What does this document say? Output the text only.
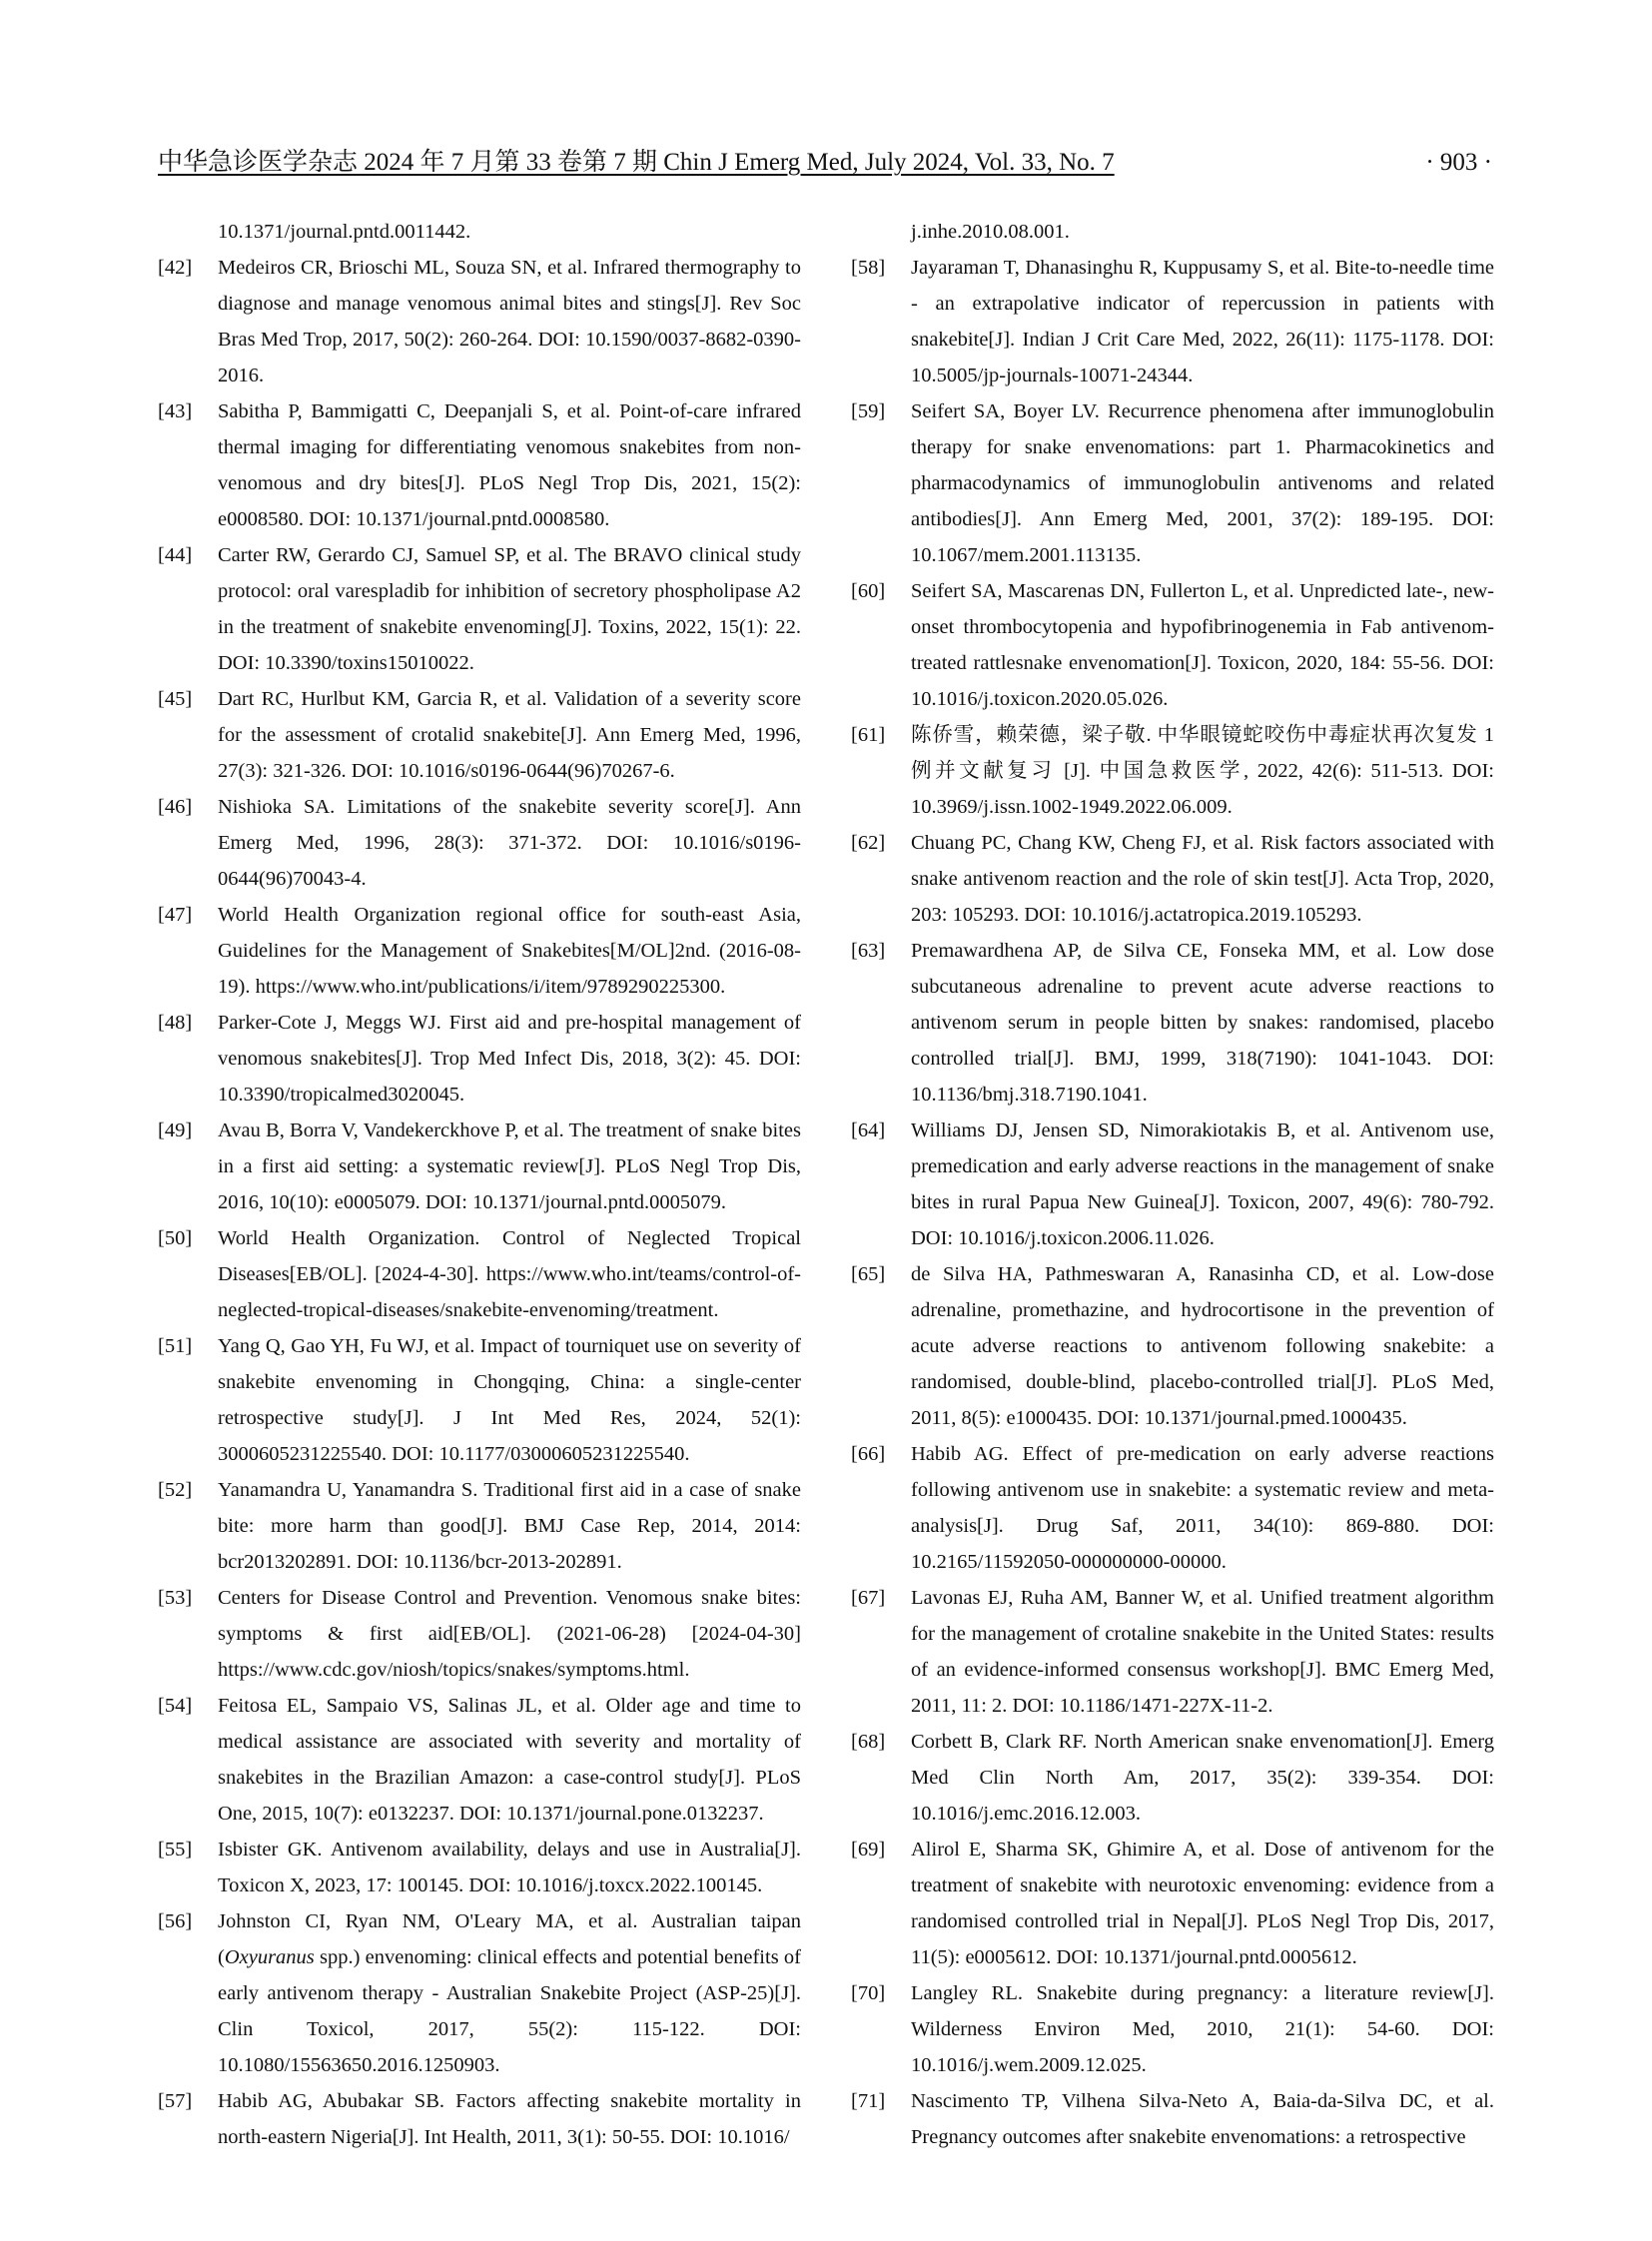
中华急诊医学杂志 2024 年 7 月第 33 卷第 7 期 Chin J Emerg Med, July 2024, Vol. 33, No. 7	· 903 ·
10.1371/journal.pntd.0011442.
[42]	Medeiros CR, Brioschi ML, Souza SN, et al. Infrared thermography to diagnose and manage venomous animal bites and stings[J]. Rev Soc Bras Med Trop, 2017, 50(2): 260-264. DOI: 10.1590/0037-8682-0390-2016.
[43]	Sabitha P, Bammigatti C, Deepanjali S, et al. Point-of-care infrared thermal imaging for differentiating venomous snakebites from non-venomous and dry bites[J]. PLoS Negl Trop Dis, 2021, 15(2): e0008580. DOI: 10.1371/journal.pntd.0008580.
[44]	Carter RW, Gerardo CJ, Samuel SP, et al. The BRAVO clinical study protocol: oral varespladib for inhibition of secretory phospholipase A2 in the treatment of snakebite envenoming[J]. Toxins, 2022, 15(1): 22. DOI: 10.3390/toxins15010022.
[45]	Dart RC, Hurlbut KM, Garcia R, et al. Validation of a severity score for the assessment of crotalid snakebite[J]. Ann Emerg Med, 1996, 27(3): 321-326. DOI: 10.1016/s0196-0644(96)70267-6.
[46]	Nishioka SA. Limitations of the snakebite severity score[J]. Ann Emerg Med, 1996, 28(3): 371-372. DOI: 10.1016/s0196-0644(96)70043-4.
[47]	World Health Organization regional office for south-east Asia, Guidelines for the Management of Snakebites[M/OL]2nd. (2016-08-19). https://www.who.int/publications/i/item/9789290225300.
[48]	Parker-Cote J, Meggs WJ. First aid and pre-hospital management of venomous snakebites[J]. Trop Med Infect Dis, 2018, 3(2): 45. DOI: 10.3390/tropicalmed3020045.
[49]	Avau B, Borra V, Vandekerckhove P, et al. The treatment of snake bites in a first aid setting: a systematic review[J]. PLoS Negl Trop Dis, 2016, 10(10): e0005079. DOI: 10.1371/journal.pntd.0005079.
[50]	World Health Organization. Control of Neglected Tropical Diseases[EB/OL]. [2024-4-30]. https://www.who.int/teams/control-of-neglected-tropical-diseases/snakebite-envenoming/treatment.
[51]	Yang Q, Gao YH, Fu WJ, et al. Impact of tourniquet use on severity of snakebite envenoming in Chongqing, China: a single-center retrospective study[J]. J Int Med Res, 2024, 52(1): 3000605231225540. DOI: 10.1177/03000605231225540.
[52]	Yanamandra U, Yanamandra S. Traditional first aid in a case of snake bite: more harm than good[J]. BMJ Case Rep, 2014, 2014: bcr2013202891. DOI: 10.1136/bcr-2013-202891.
[53]	Centers for Disease Control and Prevention. Venomous snake bites: symptoms & first aid[EB/OL]. (2021-06-28) [2024-04-30] https://www.cdc.gov/niosh/topics/snakes/symptoms.html.
[54]	Feitosa EL, Sampaio VS, Salinas JL, et al. Older age and time to medical assistance are associated with severity and mortality of snakebites in the Brazilian Amazon: a case-control study[J]. PLoS One, 2015, 10(7): e0132237. DOI: 10.1371/journal.pone.0132237.
[55]	Isbister GK. Antivenom availability, delays and use in Australia[J]. Toxicon X, 2023, 17: 100145. DOI: 10.1016/j.toxcx.2022.100145.
[56]	Johnston CI, Ryan NM, O'Leary MA, et al. Australian taipan (Oxyuranus spp.) envenoming: clinical effects and potential benefits of early antivenom therapy - Australian Snakebite Project (ASP-25)[J]. Clin Toxicol, 2017, 55(2): 115-122. DOI: 10.1080/15563650.2016.1250903.
[57]	Habib AG, Abubakar SB. Factors affecting snakebite mortality in north-eastern Nigeria[J]. Int Health, 2011, 3(1): 50-55. DOI: 10.1016/
j.inhe.2010.08.001.
[58]	Jayaraman T, Dhanasinghu R, Kuppusamy S, et al. Bite-to-needle time - an extrapolative indicator of repercussion in patients with snakebite[J]. Indian J Crit Care Med, 2022, 26(11): 1175-1178. DOI: 10.5005/jp-journals-10071-24344.
[59]	Seifert SA, Boyer LV. Recurrence phenomena after immunoglobulin therapy for snake envenomations: part 1. Pharmacokinetics and pharmacodynamics of immunoglobulin antivenoms and related antibodies[J]. Ann Emerg Med, 2001, 37(2): 189-195. DOI: 10.1067/mem.2001.113135.
[60]	Seifert SA, Mascarenas DN, Fullerton L, et al. Unpredicted late-, new-onset thrombocytopenia and hypofibrinogenemia in Fab antivenom-treated rattlesnake envenomation[J]. Toxicon, 2020, 184: 55-56. DOI: 10.1016/j.toxicon.2020.05.026.
[61]	陈侨雪，赖荣德，梁子敬. 中华眼镜蛇咬伤中毒症状再次复发 1 例并文献复习 [J]. 中国急救医学, 2022, 42(6): 511-513. DOI: 10.3969/j.issn.1002-1949.2022.06.009.
[62]	Chuang PC, Chang KW, Cheng FJ, et al. Risk factors associated with snake antivenom reaction and the role of skin test[J]. Acta Trop, 2020, 203: 105293. DOI: 10.1016/j.actatropica.2019.105293.
[63]	Premawardhena AP, de Silva CE, Fonseka MM, et al. Low dose subcutaneous adrenaline to prevent acute adverse reactions to antivenom serum in people bitten by snakes: randomised, placebo controlled trial[J]. BMJ, 1999, 318(7190): 1041-1043. DOI: 10.1136/bmj.318.7190.1041.
[64]	Williams DJ, Jensen SD, Nimorakiotakis B, et al. Antivenom use, premedication and early adverse reactions in the management of snake bites in rural Papua New Guinea[J]. Toxicon, 2007, 49(6): 780-792. DOI: 10.1016/j.toxicon.2006.11.026.
[65]	de Silva HA, Pathmeswaran A, Ranasinha CD, et al. Low-dose adrenaline, promethazine, and hydrocortisone in the prevention of acute adverse reactions to antivenom following snakebite: a randomised, double-blind, placebo-controlled trial[J]. PLoS Med, 2011, 8(5): e1000435. DOI: 10.1371/journal.pmed.1000435.
[66]	Habib AG. Effect of pre-medication on early adverse reactions following antivenom use in snakebite: a systematic review and meta-analysis[J]. Drug Saf, 2011, 34(10): 869-880. DOI: 10.2165/11592050-000000000-00000.
[67]	Lavonas EJ, Ruha AM, Banner W, et al. Unified treatment algorithm for the management of crotaline snakebite in the United States: results of an evidence-informed consensus workshop[J]. BMC Emerg Med, 2011, 11: 2. DOI: 10.1186/1471-227X-11-2.
[68]	Corbett B, Clark RF. North American snake envenomation[J]. Emerg Med Clin North Am, 2017, 35(2): 339-354. DOI: 10.1016/j.emc.2016.12.003.
[69]	Alirol E, Sharma SK, Ghimire A, et al. Dose of antivenom for the treatment of snakebite with neurotoxic envenoming: evidence from a randomised controlled trial in Nepal[J]. PLoS Negl Trop Dis, 2017, 11(5): e0005612. DOI: 10.1371/journal.pntd.0005612.
[70]	Langley RL. Snakebite during pregnancy: a literature review[J]. Wilderness Environ Med, 2010, 21(1): 54-60. DOI: 10.1016/j.wem.2009.12.025.
[71]	Nascimento TP, Vilhena Silva-Neto A, Baia-da-Silva DC, et al. Pregnancy outcomes after snakebite envenomations: a retrospective
